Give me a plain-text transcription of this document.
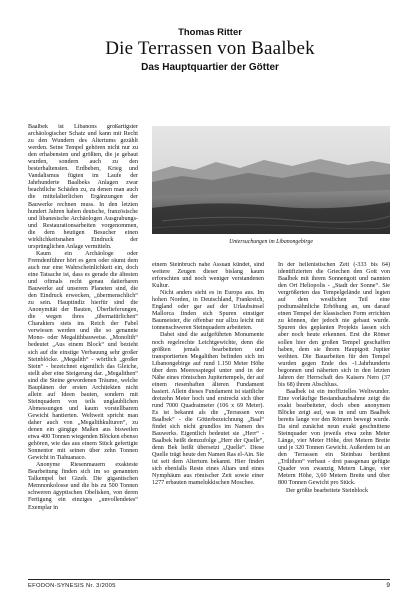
Thomas Ritter

Die Terrassen von Baalbek
Das Hauptquartier der Götter

Baalbek ist Libanons großartigster archäologischer Schatz und kann mit Recht zu den Wundern des Altertums gezählt werden. Seine Tempel gehören nicht nur zu den erhabensten und größten, die je gebaut wurden, sondern auch zu den besterhaltensten. Erdbeben, Krieg und Vandalismus fügten im Laufe der Jahrhunderte Baalbeks Anlagen zwar beachtliche Schäden zu, zu denen man auch die mittelalterlichen Ergänzungen der Bauwerke rechnen muss. In den letzten hundert Jahren haben deutsche, französische und libanesische Archäologen Ausgrabungs- und Restaurationsarbeiten vorgenommen, die dem heutigen Besucher einen wirklichkeitsnahen Eindruck der ursprünglichen Anlage vermitteln.

Kaum ein Archäologe oder Fremdenführer hört es gern oder räumt dem auch nur eine Wahrscheinlichkeit ein, doch eine Tatsache ist, dass es gerade die ältesten und oftmals recht genau datierbaren Bauwerke auf unserem Planeten sind, die den Eindruck erwecken, „übermenschlich“ zu sein. Hauptindiz hierfür sind die Anonymität der Bauten, Überlieferungen, die wegen ihres „übernatürlichen“ Charakters stets ins Reich der Fabel verwiesen werden und die so genannte Mono- oder Megalithbauweise. „Monolith“ bedeutet „Aus einem Block“ und bezieht sich auf die einstige Verbauung sehr großer Steinblöcke. „Megalith“ - wörtlich „großer Stein“ - bezeichnet eigentlich das Gleiche, stellt aber eine Steigerung dar. „Megalithen“ sind die Steine gewordenen Träume, welche Bauplänen der ersten Architekten nicht allein auf Ideen bauten, sondern mit Steinquadern von teils unglaublichen Abmessungen und kaum vorstellbarem Gewicht hantierten. Weltweit spricht man daher auch von „Megalithkulturen“, zu denen ein gängige Maßen aus bisweilen etwa 400 Tonnen wiegenden Blöcken ebenso gehören, wie das aus einem Stück gefertigte Sonnentor mit seinen über zehn Tonnen Gewicht in Tiahuanaco.

Anonyme Riesenmauern exakteste Bearbeitung finden sich im so genannten Talkempel bei Gizeh. Die gigantischen Memnonkolosse und die bis zu 500 Tonnen schweren ägyptischen Obelisken, von deren Fertigung ein einziges „unvollendetes“ Exemplar in

Untersuchungen im Libanongebirge

einem Steinbruch nahe Assuan kündet, sind weitere Zeugen dieser bislang kaum erforschten und noch weniger verstandenen Kultur.

Nicht anders sieht es in Europa aus. Im hohen Norden, in Deutschland, Frankreich, England oder gar auf der Urlaubsinsel Mallorca finden sich Spuren einstiger Baumeister, die offenbar nur allzu leicht mit tonnenschweren Steinquadern arbeiteten.

Dabei sind die aufgeführten Monumente noch regelrechte Leichtgewichte, denn die größten jemals bearbeiteten und transportierten Megalithen befinden sich im Libanongebirge auf rund 1.150 Meter Höhe über dem Meeresspiegel unter und in der Nähe eines römischen Jupitertempels, der auf einem riesenhaften älteren Fundament basiert. Allein dieses Fundament ist stattliche dreizehn Meter hoch und erstreckt sich über rund 7000 Quadratmeter (106 x 69 Meter). Es ist bekannt als die „Terrassen von Baalbek“ - die Götterbezeichnung „Baal“ findet sich nicht grundlos im Namen des Bauwerks. Eigentlich bedeutet sie „Herr“ - Baalbek heißt demzufolge „Herr der Quelle“, denn Bek heißt übersetzt „Quelle“. Diese Quelle trägt heute den Namen Ras el-Ain. Sie ist seit dem Altertum bekannt. Hier finden sich ebenfalls Reste eines Altars und eines Nymphäum aus römischer Zeit sowie einer 1277 erbauten mamelukkischen Moschee.

In der hellenistischen Zeit (-333 bis 64) identifizierten die Griechen den Gott von Baalbek mit ihrem Sonnengott und nannten den Ort Heliopolis - „Stadt der Sonne“. Sie vergrößerten das Tempelgelände und legten auf dem westlichen Teil eine podiumsähnliche Erhöhung an, um darauf einen Tempel der klassischen Form errichten zu können, der jedoch nie gebaut wurde. Spuren des geplanten Projekts lassen sich aber noch heute erkennen. Erst die Römer sollen hier den großen Tempel geschaffen haben, dem sie ihrem Hauptgott Jupiter weihten. Die Bauarbeiten für den Tempel wurden gegen Ende des -1.Jahrhunderts begonnen und näherten sich in den letzten Jahren der Herrschaft des Kaisers Nero (37 bis 68) ihrem Abschluss.

Baalbek ist ein inoffizielles Weltwunder. Eine vorläufige Bestandsaufnahme zeigt die exakt bearbeiteter, doch eben anonymen Blöcke zeigt auf, was in und um Baalbek bereits lange vor den Römern bewegt wurde. Da sind zunächst neun exakt geschnittene Steinquader von jeweils etwa zehn Meter Länge, vier Meter Höhe, drei Metern Breite und je 320 Tonnen Gewicht. Außerdem ist an den Terrassen ein Steinbau berühmt „Trilithon“ verbaut - drei passgenau gefügte Quader von zwanzig Metern Länge, vier Metern Höhe, 3,60 Metern Breite und über 800 Tonnen Gewicht pro Stück.

Der größte bearbeitete Steinblock

EFODON-SYNESIS Nr. 3/2005	9
